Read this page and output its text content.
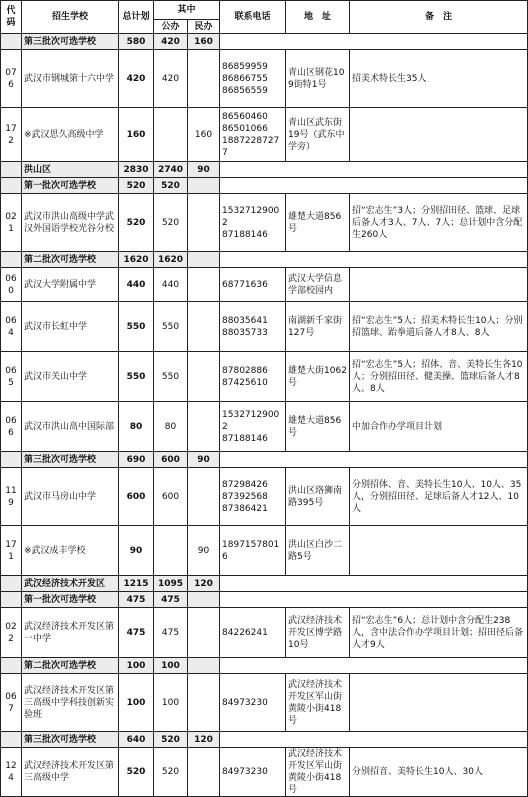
代码	招生学校	总计划	其中		联系电话	地　址	备　注
			公办	民办			
	第三批次可选学校	580	420	160			
076	武汉市钢城第十六中学	420	420		86859959
86866755
86856559	青山区钢花109街特1号	招美术特长生35人
172	※武汉思久高级中学	160		160	86560460
86501066
18872287277	青山区武东街19号（武东中学旁）	
	洪山区	2830	2740	90			
	第一批次可选学校	520	520				
021	武汉市洪山高级中学武汉外国语学校光谷分校	520	520		15327129002
87188146	雄楚大道856号	招“宏志生”3人；分别招田径、篮球、足球后备人才3人、7人、7人；总计划中含分配生260人
	第二批次可选学校	1620	1620				
060	武汉大学附属中学	440	440		68771636	武汉大学信息学部校园内	
064	武汉市长虹中学	550	550		88035641
88035733	南湖新千家街127号	招“宏志生”5人；招美术特长生10人；分别招篮球、跆拳道后备人才8人、8人
065	武汉市关山中学	550	550		87802886
87425610	雄楚大街1062号	招“宏志生”5人；招体、音、美特长生各10人；分别招田径、健美操、篮球后备人才8人、8人
066	武汉市洪山高中国际部	80	80		15327129002
87188146	雄楚大道856号	中加合作办学项目计划
	第三批次可选学校	690	600	90			
119	武汉市马房山中学	600	600		87298426
87392568
87386421	洪山区珞狮南路395号	分别招体、音、美特长生10人、10人、35人，分别招田径、足球后备人才12人、10人
171	※武汉成丰学校	90		90	18971578016	洪山区白沙二路5号	
	武汉经济技术开发区	1215	1095	120			
	第一批次可选学校	475	475				
022	武汉经济技术开发区第一中学	475	475		84226241	武汉经济技术开发区博学路10号	招“宏志生”6人；总计划中含分配生238人，含中法合作办学项目计划；招田径后备人才9人
	第二批次可选学校	100	100				
067	武汉经济技术开发区第三高级中学科技创新实验班	100	100		84973230	武汉经济技术开发区军山街黄陵小街418号	
	第三批次可选学校	640	520	120			
124	武汉经济技术开发区第三高级中学	520	520		84973230	武汉经济技术开发区军山街黄陵小街418号	分别招音、美特长生10人、30人
